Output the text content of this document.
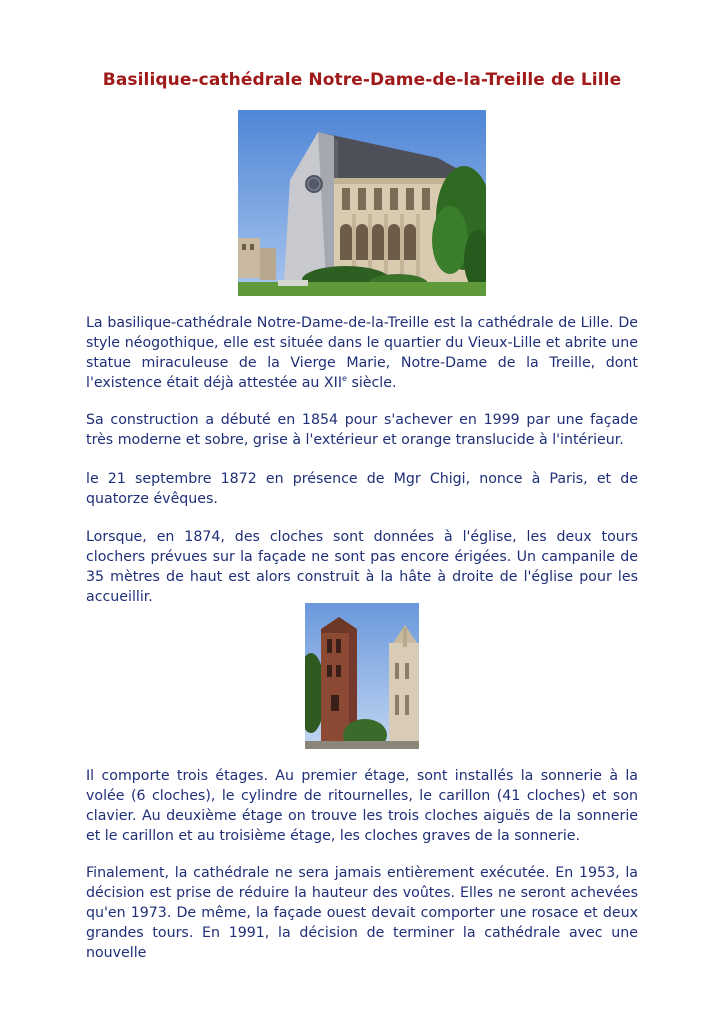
Basilique-cathédrale Notre-Dame-de-la-Treille de Lille

La basilique-cathédrale Notre-Dame-de-la-Treille est la cathédrale de Lille. De style néogothique, elle est située dans le quartier du Vieux-Lille et abrite une statue miraculeuse de la Vierge Marie, Notre-Dame de la Treille, dont l'existence était déjà attestée au XIIe siècle.

Sa construction a débuté en 1854 pour s'achever en 1999 par une façade très moderne et sobre, grise à l'extérieur et orange translucide à l'intérieur.

le 21 septembre 1872 en présence de Mgr Chigi, nonce à Paris, et de quatorze évêques.

Lorsque, en 1874, des cloches sont données à l'église, les deux tours clochers prévues sur la façade ne sont pas encore érigées. Un campanile de 35 mètres de haut est alors construit à la hâte à droite de l'église pour les accueillir.

Il comporte trois étages. Au premier étage, sont installés la sonnerie à la volée (6 cloches), le cylindre de ritournelles, le carillon (41 cloches) et son clavier. Au deuxième étage on trouve les trois cloches aiguës de la sonnerie et le carillon et au troisième étage, les cloches graves de la sonnerie.

Finalement, la cathédrale ne sera jamais entièrement exécutée. En 1953, la décision est prise de réduire la hauteur des voûtes. Elles ne seront achevées qu'en 1973. De même, la façade ouest devait comporter une rosace et deux grandes tours. En 1991, la décision de terminer la cathédrale avec une nouvelle
